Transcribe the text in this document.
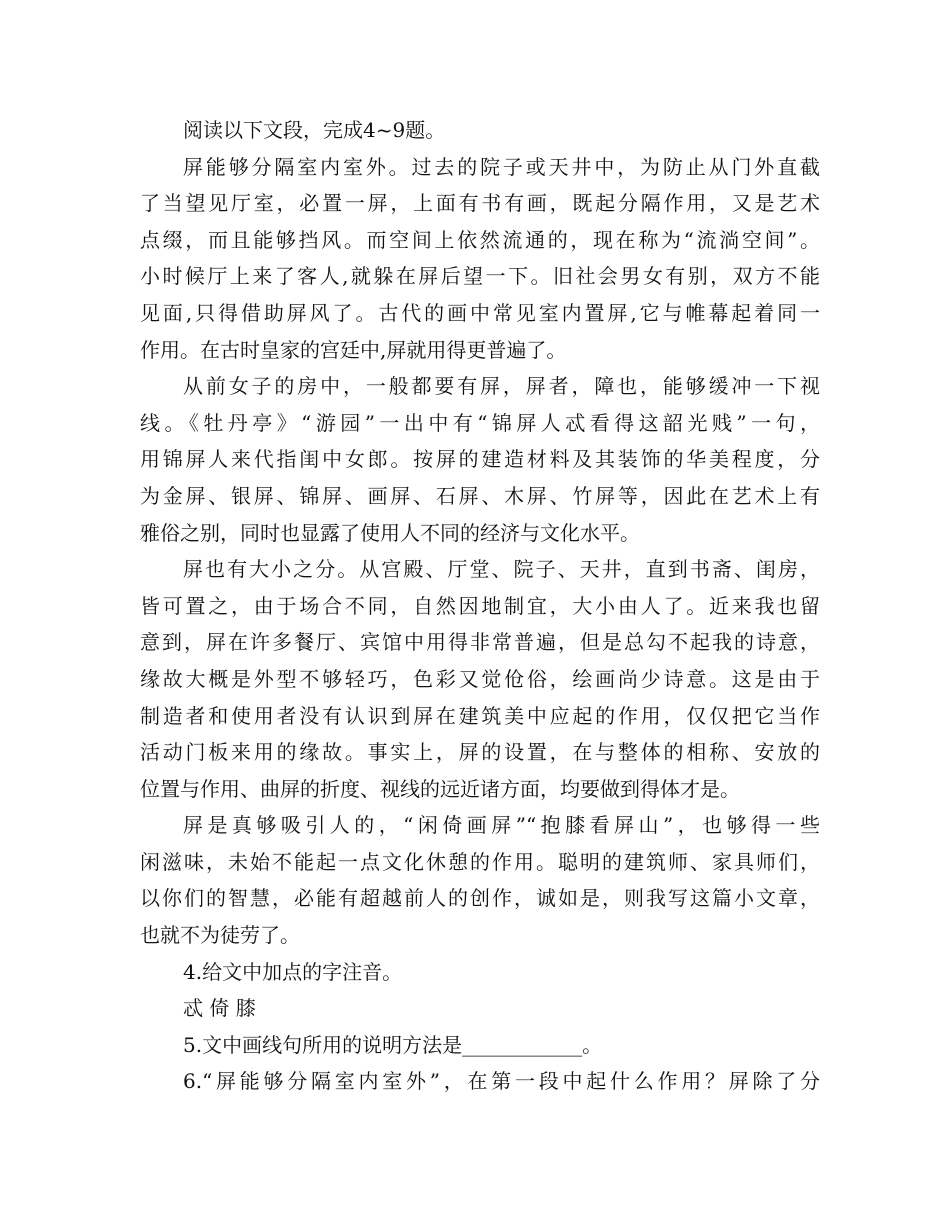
阅读以下文段，完成4~9题。
屏能够分隔室内室外。过去的院子或天井中，为防止从门外直截
了当望见厅室，必置一屏，上面有书有画，既起分隔作用，又是艺术
点缀，而且能够挡风。而空间上依然流通的，现在称为“流淌空间”。
小时候厅上来了客人,就躲在屏后望一下。旧社会男女有别，双方不能
见面,只得借助屏风了。古代的画中常见室内置屏,它与帷幕起着同一
作用。在古时皇家的宫廷中,屏就用得更普遍了。
从前女子的房中，一般都要有屏，屏者，障也，能够缓冲一下视
线。《牡丹亭》“游园”一出中有“锦屏人忒看得这韶光贱”一句，
用锦屏人来代指闺中女郎。按屏的建造材料及其装饰的华美程度，分
为金屏、银屏、锦屏、画屏、石屏、木屏、竹屏等，因此在艺术上有
雅俗之别，同时也显露了使用人不同的经济与文化水平。
屏也有大小之分。从宫殿、厅堂、院子、天井，直到书斋、闺房，
皆可置之，由于场合不同，自然因地制宜，大小由人了。近来我也留
意到，屏在许多餐厅、宾馆中用得非常普遍，但是总勾不起我的诗意，
缘故大概是外型不够轻巧，色彩又觉伧俗，绘画尚少诗意。这是由于
制造者和使用者没有认识到屏在建筑美中应起的作用，仅仅把它当作
活动门板来用的缘故。事实上，屏的设置，在与整体的相称、安放的
位置与作用、曲屏的折度、视线的远近诸方面，均要做到得体才是。
屏是真够吸引人的，“闲倚画屏”“抱膝看屏山”，也够得一些
闲滋味，未始不能起一点文化休憩的作用。聪明的建筑师、家具师们，
以你们的智慧，必能有超越前人的创作，诚如是，则我写这篇小文章，
也就不为徒劳了。
4.给文中加点的字注音。
忒 倚 膝
5.文中画线句所用的说明方法是____________。
6.“屏能够分隔室内室外”，在第一段中起什么作用？屏除了分
